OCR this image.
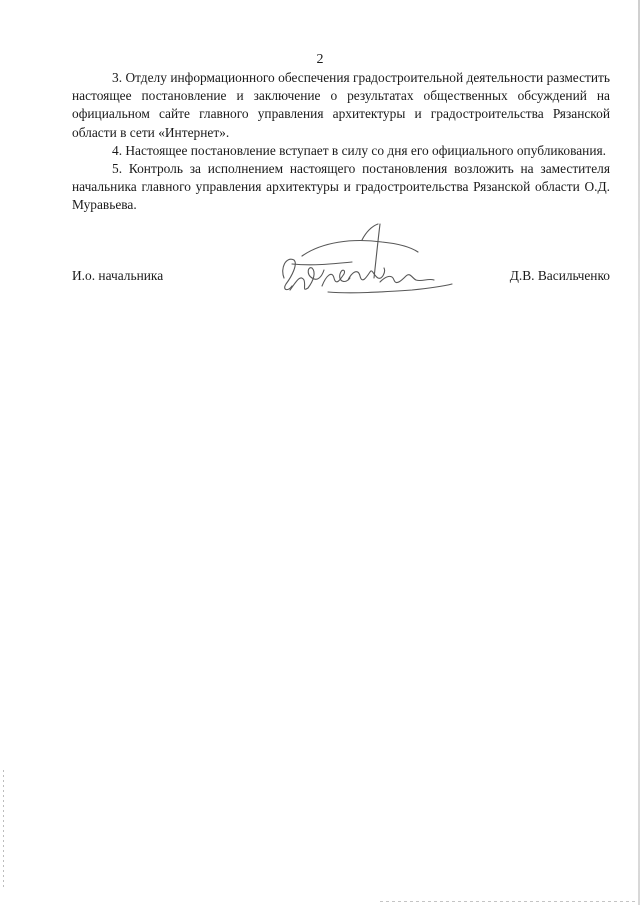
2

3. Отделу информационного обеспечения градостроительной деятельности разместить настоящее постановление и заключение о результатах общественных обсуждений на официальном сайте главного управления архитектуры и градостроительства Рязанской области в сети «Интернет».

4. Настоящее постановление вступает в силу со дня его официального опубликования.

5. Контроль за исполнением настоящего постановления возложить на заместителя начальника главного управления архитектуры и градостроительства Рязанской области О.Д. Муравьева.

И.о. начальника	Д.В. Васильченко
